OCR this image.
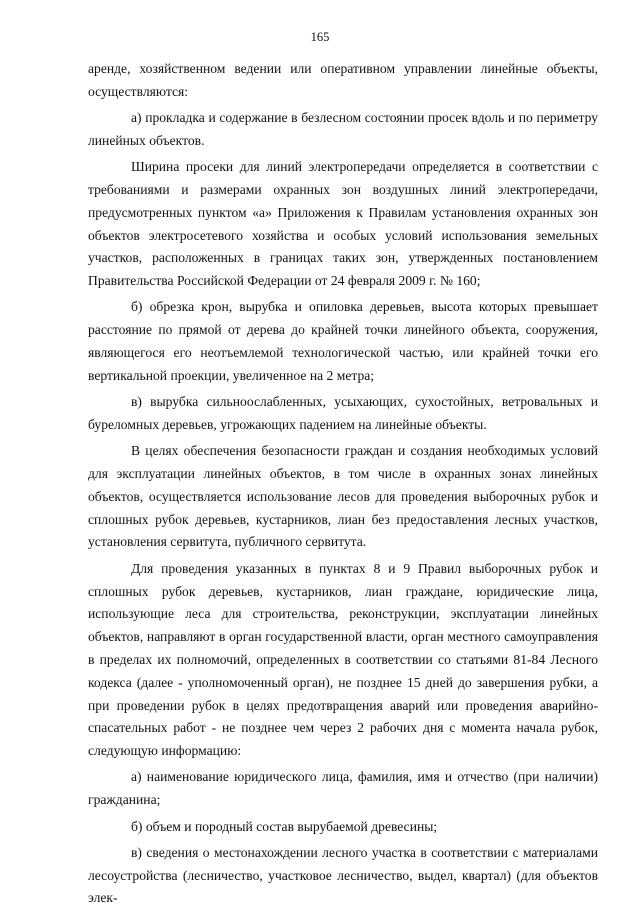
165

аренде, хозяйственном ведении или оперативном управлении линейные объекты, осуществляются:

а) прокладка и содержание в безлесном состоянии просек вдоль и по периметру линейных объектов.

Ширина просеки для линий электропередачи определяется в соответствии с требованиями и размерами охранных зон воздушных линий электропередачи, предусмотренных пунктом «а» Приложения к Правилам установления охранных зон объектов электросетевого хозяйства и особых условий использования земельных участков, расположенных в границах таких зон, утвержденных постановлением Правительства Российской Федерации от 24 февраля 2009 г. № 160;

б) обрезка крон, вырубка и опиловка деревьев, высота которых превышает расстояние по прямой от дерева до крайней точки линейного объекта, сооружения, являющегося его неотъемлемой технологической частью, или крайней точки его вертикальной проекции, увеличенное на 2 метра;

в) вырубка сильноослабленных, усыхающих, сухостойных, ветровальных и буреломных деревьев, угрожающих падением на линейные объекты.

В целях обеспечения безопасности граждан и создания необходимых условий для эксплуатации линейных объектов, в том числе в охранных зонах линейных объектов, осуществляется использование лесов для проведения выборочных рубок и сплошных рубок деревьев, кустарников, лиан без предоставления лесных участков, установления сервитута, публичного сервитута.

Для проведения указанных в пунктах 8 и 9 Правил выборочных рубок и сплошных рубок деревьев, кустарников, лиан граждане, юридические лица, использующие леса для строительства, реконструкции, эксплуатации линейных объектов, направляют в орган государственной власти, орган местного самоуправления в пределах их полномочий, определенных в соответствии со статьями 81-84 Лесного кодекса (далее - уполномоченный орган), не позднее 15 дней до завершения рубки, а при проведении рубок в целях предотвращения аварий или проведения аварийно-спасательных работ - не позднее чем через 2 рабочих дня с момента начала рубок, следующую информацию:

а) наименование юридического лица, фамилия, имя и отчество (при наличии) гражданина;

б) объем и породный состав вырубаемой древесины;

в) сведения о местонахождении лесного участка в соответствии с материалами лесоустройства (лесничество, участковое лесничество, выдел, квартал) (для объектов элек-
